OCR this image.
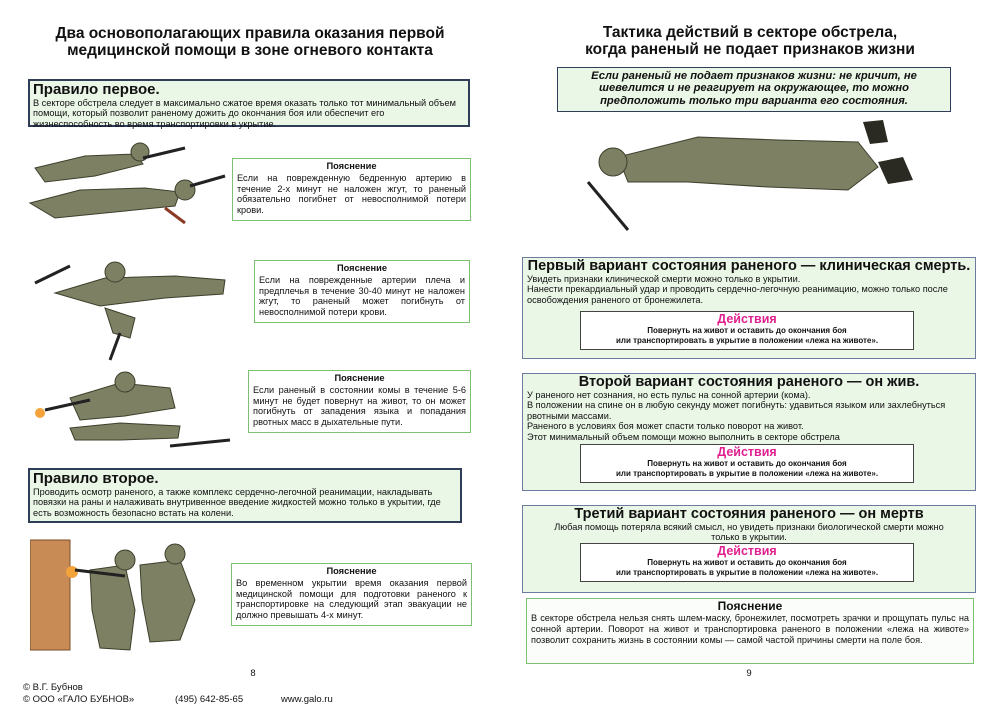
Два основополагающих правила оказания первой
медицинской помощи в зоне огневого контакта
Правило первое.
В секторе обстрела следует в максимально сжатое время оказать только тот минимальный объем помощи, который позволит раненому дожить до окончания боя или обеспечит его жизнеспособность во время транспортировки в укрытие.
Пояснение
Если на поврежденную бедренную артерию в течение 2-х минут не наложен жгут, то раненый обязательно погибнет от невосполнимой потери крови.
Пояснение
Если на поврежденные артерии плеча и предплечья в течение 30-40 минут не наложен жгут, то раненый может погибнуть от невосполнимой потери крови.
Пояснение
Если раненый в состоянии комы в течение 5-6 минут не будет повернут на живот, то он может погибнуть от западения языка и попадания рвотных масс в дыхательные пути.
Правило второе.
Проводить осмотр раненого, а также комплекс сердечно-легочной реанимации, накладывать повязки на раны и налаживать внутривенное введение жидкостей можно только в укрытии, где есть возможность безопасно встать на колени.
Пояснение
Во временном укрытии время оказания первой медицинской помощи для подготовки раненого к транспортировке на следующий этап эвакуации не должно превышать 4-х минут.
8
Тактика действий в секторе обстрела,
когда раненый не подает признаков жизни
Если раненый не подает признаков жизни: не кричит, не шевелится и не реагирует на окружающее, то можно предположить только три варианта его состояния.
Первый вариант состояния раненого — клиническая смерть.
Увидеть признаки клинической смерти можно только в укрытии.
Нанести прекардиальный удар и проводить сердечно-легочную реанимацию, можно только после освобождения раненого от бронежилета.
Действия
Повернуть на живот и оставить до окончания боя
или транспортировать в укрытие в положении «лежа на животе».
Второй вариант состояния раненого — он жив.
У раненого нет сознания, но есть пульс на сонной артерии (кома).
В положении на спине он в любую секунду может погибнуть: удавиться языком или захлебнуться рвотными массами.
Раненого в условиях боя может спасти только поворот на живот.
Этот минимальный объем помощи можно выполнить в секторе обстрела
Действия
Повернуть на живот и оставить до окончания боя
или транспортировать в укрытие в положении «лежа на животе».
Третий вариант состояния раненого — он мертв
Любая помощь потеряла всякий смысл, но увидеть признаки биологической смерти можно только в укрытии.
Действия
Повернуть на живот и оставить до окончания боя
или транспортировать в укрытие в положении «лежа на животе».
Пояснение
В секторе обстрела нельзя снять шлем-маску, бронежилет, посмотреть зрачки и прощупать пульс на сонной артерии. Поворот на живот и транспортировка раненого в положении «лежа на животе» позволит сохранить жизнь в состоянии комы — самой частой причины смерти на поле боя.
9
© В.Г. Бубнов
© ООО «ГАЛО БУБНОВ»	(495) 642-85-65	www.galo.ru
